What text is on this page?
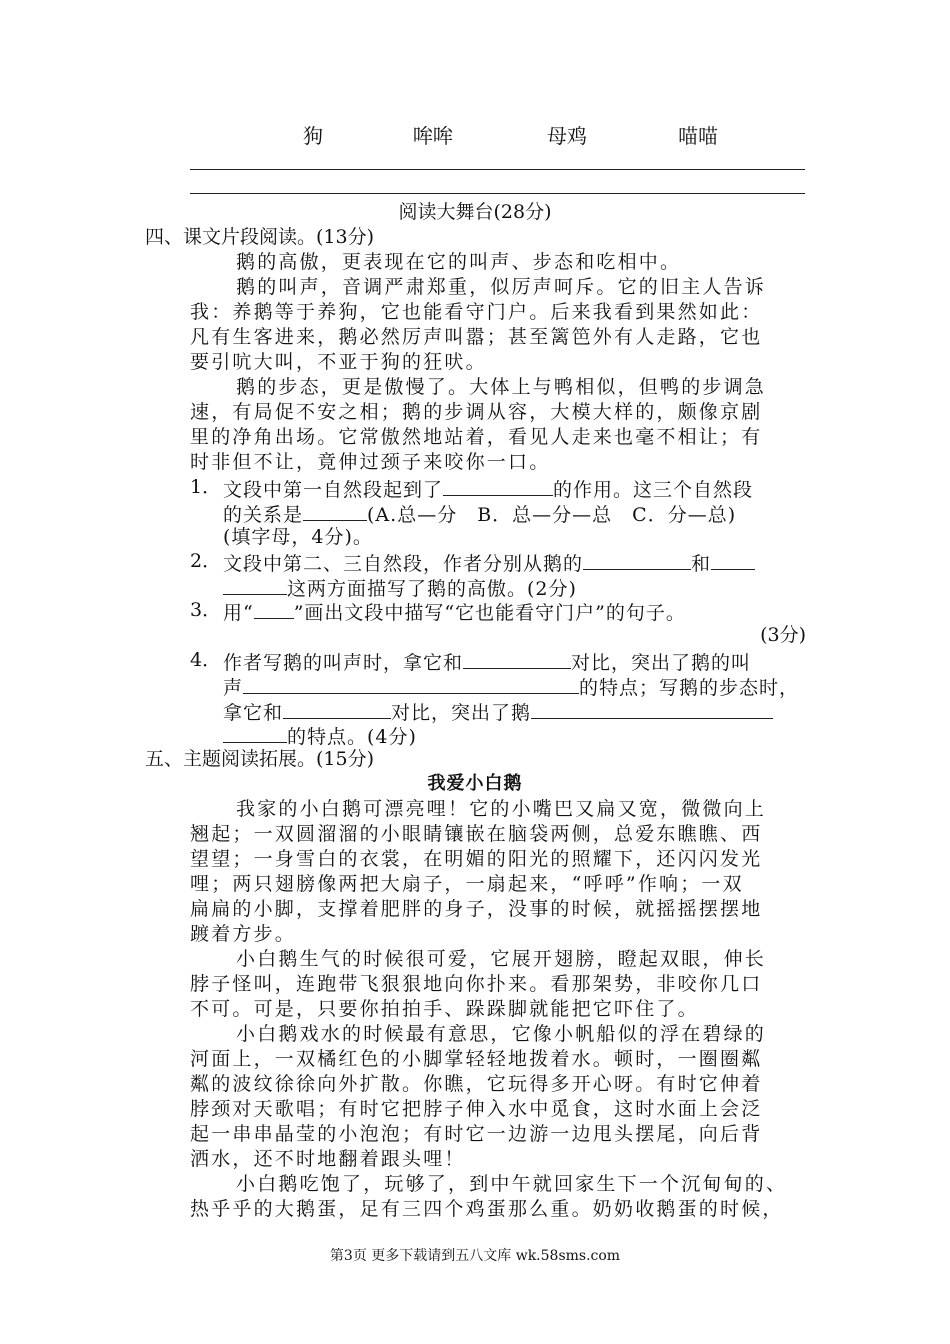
狗	哞哞	母鸡	喵喵
阅读大舞台(28分)
四、课文片段阅读。(13分)
鹅的高傲，更表现在它的叫声、步态和吃相中。
鹅的叫声，音调严肃郑重，似厉声呵斥。它的旧主人告诉
我：养鹅等于养狗，它也能看守门户。后来我看到果然如此：
凡有生客进来，鹅必然厉声叫嚣；甚至篱笆外有人走路，它也
要引吭大叫，不亚于狗的狂吠。
鹅的步态，更是傲慢了。大体上与鸭相似，但鸭的步调急
速，有局促不安之相；鹅的步调从容，大模大样的，颇像京剧
里的净角出场。它常傲然地站着，看见人走来也毫不相让；有
时非但不让，竟伸过颈子来咬你一口。
1． 文段中第一自然段起到了	的作用。这三个自然段
的关系是	(A.总—分　B．总—分—总　C．分—总)
(填字母，4分)。
2． 文段中第二、三自然段，作者分别从鹅的	和
这两方面描写了鹅的高傲。(2分)
3． 用“ ”画出文段中描写“它也能看守门户”的句子。
(3分)
4． 作者写鹅的叫声时，拿它和	对比，突出了鹅的叫
声	的特点；写鹅的步态时，
拿它和	对比，突出了鹅
的特点。(4分)
五、主题阅读拓展。(15分)
我爱小白鹅
我家的小白鹅可漂亮哩！它的小嘴巴又扁又宽，微微向上
翘起；一双圆溜溜的小眼睛镶嵌在脑袋两侧，总爱东瞧瞧、西
望望；一身雪白的衣裳，在明媚的阳光的照耀下，还闪闪发光
哩；两只翅膀像两把大扇子，一扇起来，“呼呼”作响；一双
扁扁的小脚，支撑着肥胖的身子，没事的时候，就摇摇摆摆地
踱着方步。
小白鹅生气的时候很可爱，它展开翅膀，瞪起双眼，伸长
脖子怪叫，连跑带飞狠狠地向你扑来。看那架势，非咬你几口
不可。可是，只要你拍拍手、跺跺脚就能把它吓住了。
小白鹅戏水的时候最有意思，它像小帆船似的浮在碧绿的
河面上，一双橘红色的小脚掌轻轻地拨着水。顿时，一圈圈粼
粼的波纹徐徐向外扩散。你瞧，它玩得多开心呀。有时它伸着
脖颈对天歌唱；有时它把脖子伸入水中觅食，这时水面上会泛
起一串串晶莹的小泡泡；有时它一边游一边甩头摆尾，向后背
洒水，还不时地翻着跟头哩！
小白鹅吃饱了，玩够了，到中午就回家生下一个沉甸甸的、
热乎乎的大鹅蛋，足有三四个鸡蛋那么重。奶奶收鹅蛋的时候，
第3页 更多下载请到五八文库 wk.58sms.com
